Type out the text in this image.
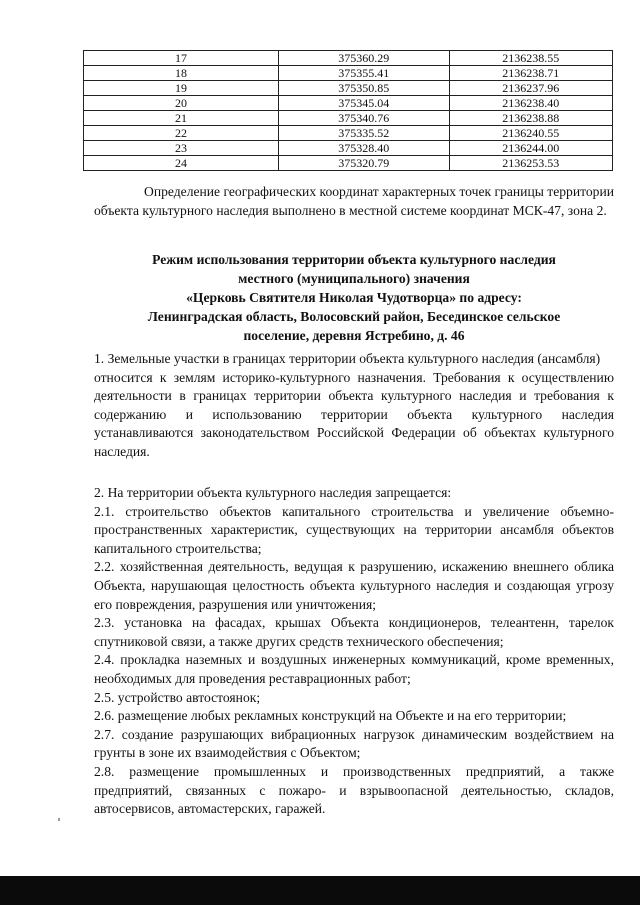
17	375360.29	2136238.55
18	375355.41	2136238.71
19	375350.85	2136237.96
20	375345.04	2136238.40
21	375340.76	2136238.88
22	375335.52	2136240.55
23	375328.40	2136244.00
24	375320.79	2136253.53
Определение географических координат характерных точек границы территории объекта культурного наследия выполнено в местной системе координат МСК-47, зона 2.
Режим использования территории объекта культурного наследия
местного (муниципального) значения
«Церковь Святителя Николая Чудотворца» по адресу:
Ленинградская область, Волосовский район, Бесединское сельское
поселение, деревня Ястребино, д. 46
1. Земельные участки в границах территории объекта культурного наследия (ансамбля)
относится к землям историко-культурного назначения. Требования к осуществлению деятельности в границах территории объекта культурного наследия и требования к содержанию и использованию территории объекта культурного наследия устанавливаются законодательством Российской Федерации об объектах культурного наследия.

2. На территории объекта культурного наследия запрещается:

2.1. строительство объектов капитального строительства и увеличение объемно-пространственных характеристик, существующих на территории ансамбля объектов капитального строительства;

2.2. хозяйственная деятельность, ведущая к разрушению, искажению внешнего облика Объекта, нарушающая целостность объекта культурного наследия и создающая угрозу его повреждения, разрушения или уничтожения;

2.3. установка на фасадах, крышах Объекта кондиционеров, телеантенн, тарелок спутниковой связи, а также других средств технического обеспечения;

2.4. прокладка наземных и воздушных инженерных коммуникаций, кроме временных, необходимых для проведения реставрационных работ;

2.5. устройство автостоянок;

2.6. размещение любых рекламных конструкций на Объекте и на его территории;

2.7. создание разрушающих вибрационных нагрузок динамическим воздействием на грунты в зоне их взаимодействия с Объектом;

2.8. размещение промышленных и производственных предприятий, а также предприятий, связанных с пожаро- и взрывоопасной деятельностью, складов, автосервисов, автомастерских, гаражей.
